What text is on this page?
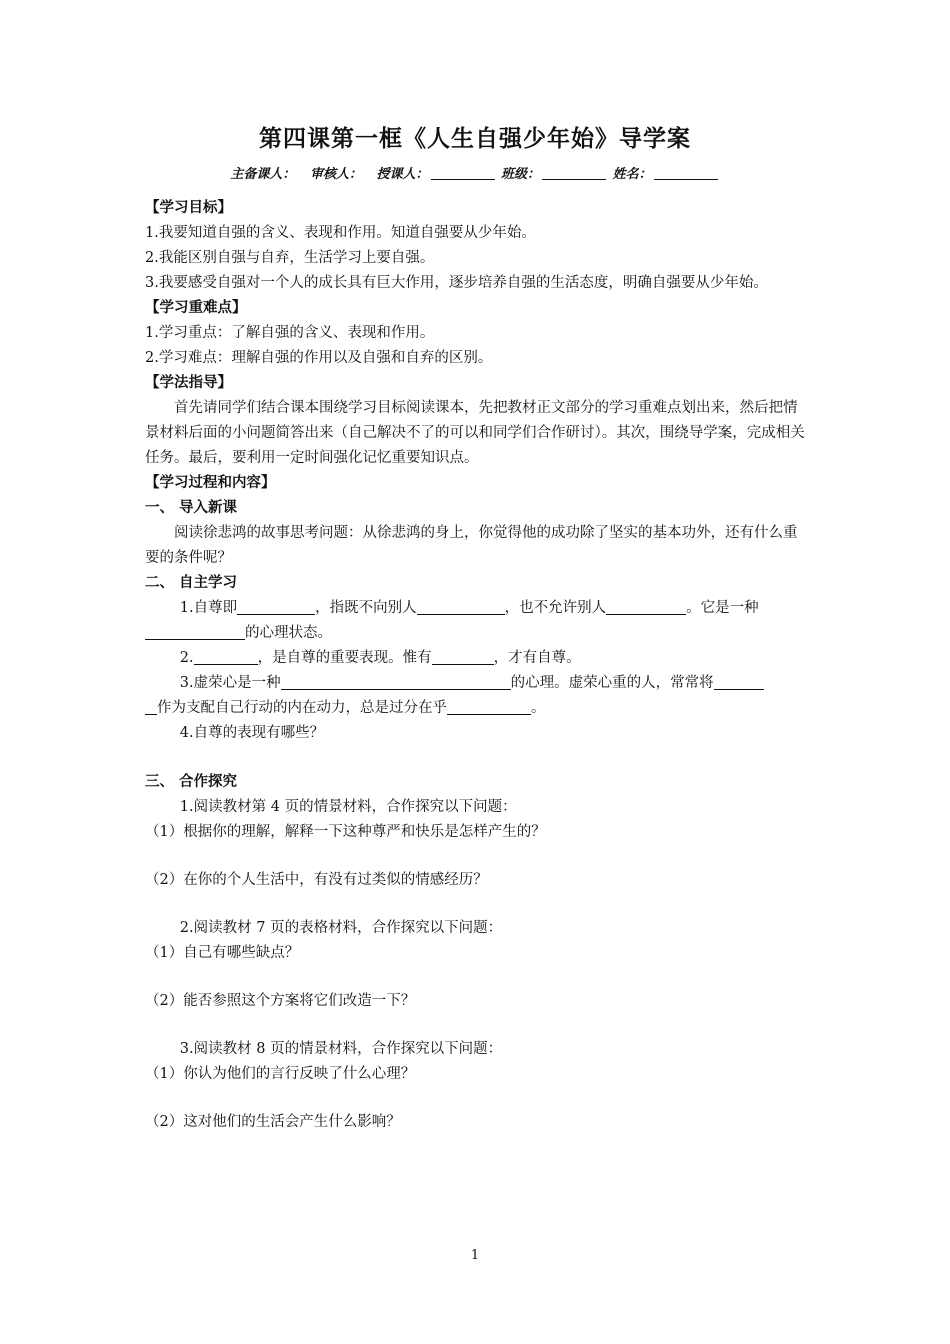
第四课第一框《人生自强少年始》导学案
主备课人： 审核人： 授课人：	班级：	姓名：

【学习目标】

1.我要知道自强的含义、表现和作用。知道自强要从少年始。

2.我能区别自强与自弃，生活学习上要自强。

3.我要感受自强对一个人的成长具有巨大作用，逐步培养自强的生活态度，明确自强要从少年始。

【学习重难点】

1.学习重点：了解自强的含义、表现和作用。

2.学习难点：理解自强的作用以及自强和自弃的区别。

【学法指导】

首先请同学们结合课本围绕学习目标阅读课本，先把教材正文部分的学习重难点划出来，然后把情景材料后面的小问题简答出来（自己解决不了的可以和同学们合作研讨）。其次，围绕导学案，完成相关任务。最后，要利用一定时间强化记忆重要知识点。

【学习过程和内容】

一、 导入新课

阅读徐悲鸿的故事思考问题：从徐悲鸿的身上，你觉得他的成功除了坚实的基本功外，还有什么重要的条件呢？

二、 自主学习

1.自尊即	，指既不向别人	，也不允许别人	。它是一种

的心理状态。

2.	，是自尊的重要表现。惟有	，才有自尊。

3.虚荣心是一种	的心理。虚荣心重的人，常常将

作为支配自己行动的内在动力，总是过分在乎	。

4.自尊的表现有哪些？

三、 合作探究

1.阅读教材第 4 页的情景材料，合作探究以下问题：

（1）根据你的理解，解释一下这种尊严和快乐是怎样产生的？

（2）在你的个人生活中，有没有过类似的情感经历？

2.阅读教材 7 页的表格材料，合作探究以下问题：

（1）自己有哪些缺点？

（2）能否参照这个方案将它们改造一下？

3.阅读教材 8 页的情景材料，合作探究以下问题：

（1）你认为他们的言行反映了什么心理？

（2）这对他们的生活会产生什么影响？

1
